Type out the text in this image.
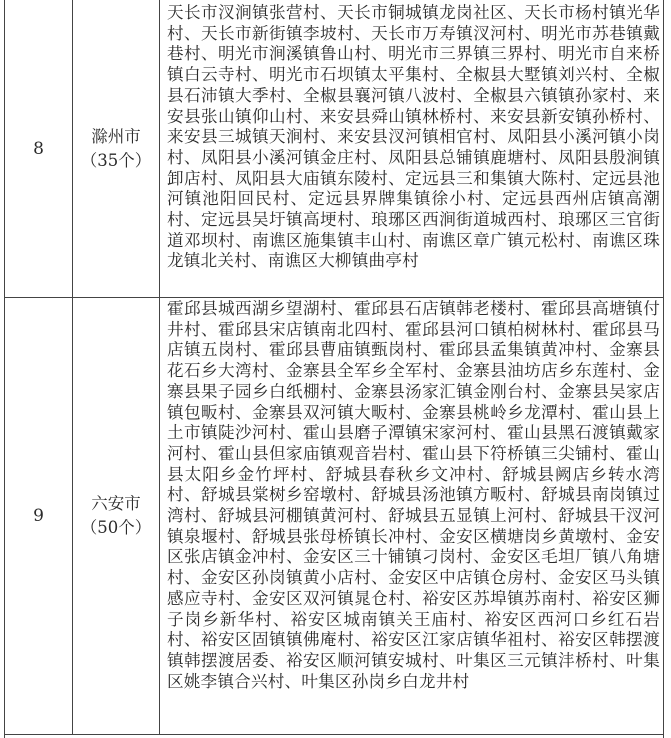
8
滁州市（35个）
天长市汊涧镇张营村、天长市铜城镇龙岗社区、天长市杨村镇光华村、天长市新街镇李坡村、天长市万寿镇汊河村、明光市苏巷镇戴巷村、明光市涧溪镇鲁山村、明光市三界镇三界村、明光市自来桥镇白云寺村、明光市石坝镇太平集村、全椒县大墅镇刘兴村、全椒县石沛镇大季村、全椒县襄河镇八波村、全椒县六镇镇孙家村、来安县张山镇仰山村、来安县舜山镇林桥村、来安县新安镇孙桥村、来安县三城镇天涧村、来安县汊河镇相官村、凤阳县小溪河镇小岗村、凤阳县小溪河镇金庄村、凤阳县总铺镇鹿塘村、凤阳县殷涧镇卸店村、凤阳县大庙镇东陵村、定远县三和集镇大陈村、定远县池河镇池阳回民村、定远县界牌集镇徐小村、定远县西州店镇高潮村、定远县吴圩镇高埂村、琅琊区西涧街道城西村、琅琊区三官街道邓坝村、南谯区施集镇丰山村、南谯区章广镇元松村、南谯区珠龙镇北关村、南谯区大柳镇曲亭村
9
六安市（50个）
霍邱县城西湖乡望湖村、霍邱县石店镇韩老楼村、霍邱县高塘镇付井村、霍邱县宋店镇南北四村、霍邱县河口镇柏树林村、霍邱县马店镇五岗村、霍邱县曹庙镇甄岗村、霍邱县孟集镇黄冲村、金寨县花石乡大湾村、金寨县全军乡全军村、金寨县油坊店乡东莲村、金寨县果子园乡白纸棚村、金寨县汤家汇镇金刚台村、金寨县吴家店镇包畈村、金寨县双河镇大畈村、金寨县桃岭乡龙潭村、霍山县上土市镇陡沙河村、霍山县磨子潭镇宋家河村、霍山县黑石渡镇戴家河村、霍山县但家庙镇观音岩村、霍山县下符桥镇三尖铺村、霍山县太阳乡金竹坪村、舒城县春秋乡文冲村、舒城县阙店乡转水湾村、舒城县棠树乡窑墩村、舒城县汤池镇方畈村、舒城县南岗镇过湾村、舒城县河棚镇黄河村、舒城县五显镇上河村、舒城县干汊河镇泉堰村、舒城县张母桥镇长冲村、金安区横塘岗乡黄墩村、金安区张店镇金冲村、金安区三十铺镇刁岗村、金安区毛坦厂镇八角塘村、金安区孙岗镇黄小店村、金安区中店镇仓房村、金安区马头镇感应寺村、金安区双河镇晁仓村、裕安区苏埠镇苏南村、裕安区狮子岗乡新华村、裕安区城南镇关王庙村、裕安区西河口乡红石岩村、裕安区固镇镇佛庵村、裕安区江家店镇华祖村、裕安区韩摆渡镇韩摆渡居委、裕安区顺河镇安城村、叶集区三元镇沣桥村、叶集区姚李镇合兴村、叶集区孙岗乡白龙井村
